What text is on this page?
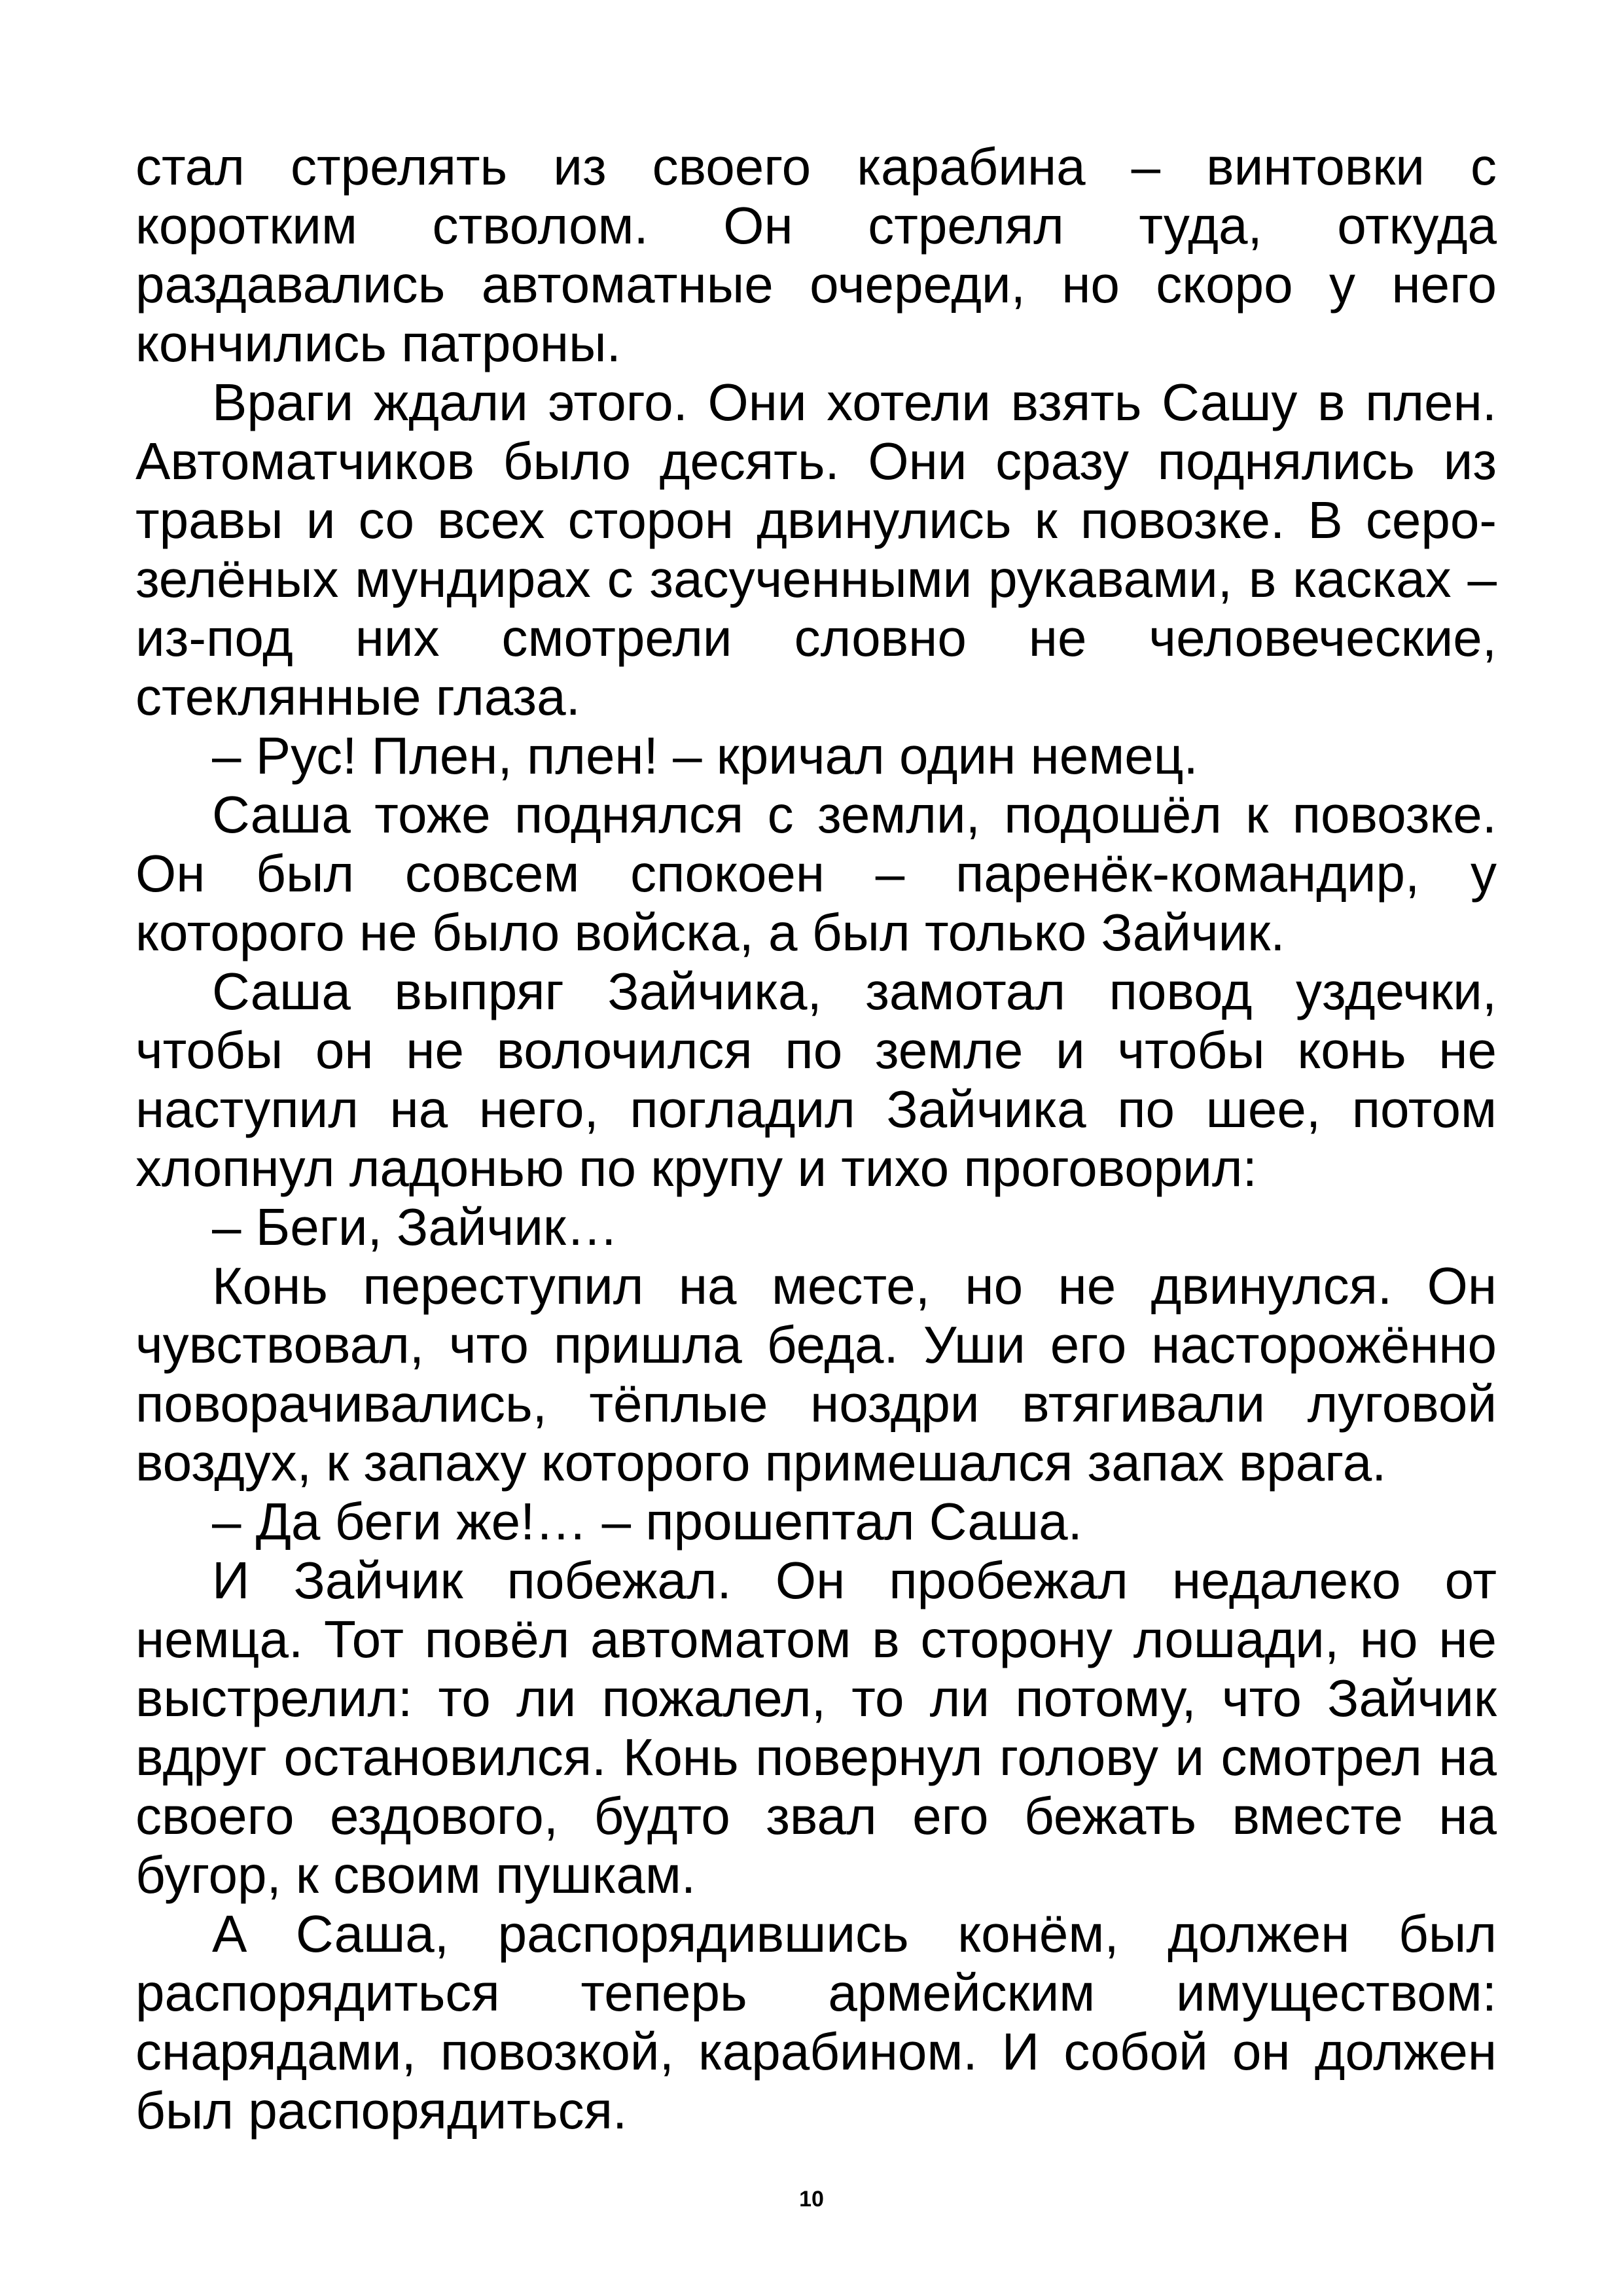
стал стрелять из своего карабина – винтовки с коротким стволом. Он стрелял туда, откуда раздавались автоматные очереди, но скоро у него кончились патроны.

Враги ждали этого. Они хотели взять Сашу в плен. Автоматчиков было десять. Они сразу поднялись из травы и со всех сторон двинулись к повозке. В серо-зелёных мундирах с засученными рукавами, в касках – из-под них смотрели словно не человеческие, стеклянные глаза.

– Рус! Плен, плен! – кричал один немец.

Саша тоже поднялся с земли, подошёл к повозке. Он был совсем спокоен – паренёк-командир, у которого не было войска, а был только Зайчик.

Саша выпряг Зайчика, замотал повод уздечки, чтобы он не волочился по земле и чтобы конь не наступил на него, погладил Зайчика по шее, потом хлопнул ладонью по крупу и тихо проговорил:

– Беги, Зайчик…

Конь переступил на месте, но не двинулся. Он чувствовал, что пришла беда. Уши его насторожённо поворачивались, тёплые ноздри втягивали луговой воздух, к запаху которого примешался запах врага.

– Да беги же!… – прошептал Саша.

И Зайчик побежал. Он пробежал недалеко от немца. Тот повёл автоматом в сторону лошади, но не выстрелил: то ли пожалел, то ли потому, что Зайчик вдруг остановился. Конь повернул голову и смотрел на своего ездового, будто звал его бежать вместе на бугор, к своим пушкам.

А Саша, распорядившись конём, должен был распорядиться теперь армейским имуществом: снарядами, повозкой, карабином. И собой он должен был распорядиться.

10
